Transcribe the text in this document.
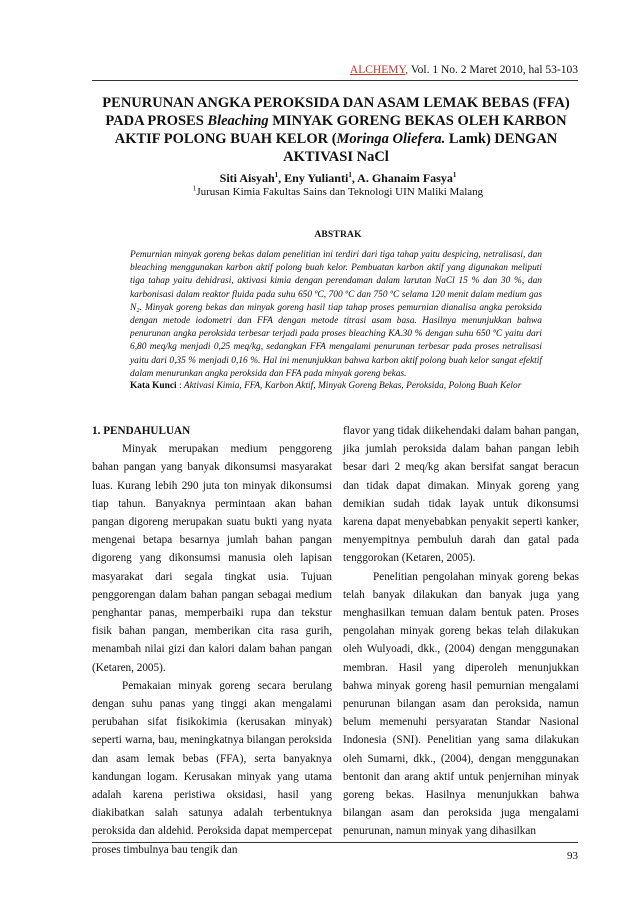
ALCHEMY, Vol. 1 No. 2 Maret 2010, hal 53-103
PENURUNAN ANGKA PEROKSIDA DAN ASAM LEMAK BEBAS (FFA) PADA PROSES Bleaching MINYAK GORENG BEKAS OLEH KARBON AKTIF POLONG BUAH KELOR (Moringa Oliefera. Lamk) DENGAN AKTIVASI NaCl
Siti Aisyah$^1$, Eny Yulianti$^1$, A. Ghanaim Fasya$^1$
$^1$Jurusan Kimia Fakultas Sains dan Teknologi UIN Maliki Malang
ABSTRAK

Pemurnian minyak goreng bekas dalam penelitian ini terdiri dari tiga tahap yaitu despicing, netralisasi, dan bleaching menggunakan karbon aktif polong buah kelor. Pembuatan karbon aktif yang digunakan meliputi tiga tahap yaitu dehidrasi, aktivasi kimia dengan perendaman dalam larutan NaCl 15 % dan 30 %, dan karbonisasi dalam reaktor fluida pada suhu 650 ºC, 700 ºC dan 750 ºC selama 120 menit dalam medium gas N₂. Minyak goreng bekas dan minyak goreng hasil tiap tahap proses pemurnian dianalisa angka peroksida dengan metode iodometri dan FFA dengan metode titrasi asam basa. Hasilnya menunjukkan bahwa penurunan angka peroksida terbesar terjadi pada proses bleaching KA.30 % dengan suhu 650 ºC yaitu dari 6,80 meq/kg menjadi 0,25 meq/kg, sedangkan FFA mengalami penurunan terbesar pada proses netralisasi yaitu dari 0,35 % menjadi 0,16 %. Hal ini menunjukkan bahwa karbon aktif polong buah kelor sangat efektif dalam menurunkan angka peroksida dan FFA pada minyak goreng bekas.

Kata Kunci : Aktivasi Kimia, FFA, Karbon Aktif, Minyak Goreng Bekas, Peroksida, Polong Buah Kelor

1. PENDAHULUAN

Minyak merupakan medium penggoreng bahan pangan yang banyak dikonsumsi masyarakat luas. Kurang lebih 290 juta ton minyak dikonsumsi tiap tahun. Banyaknya permintaan akan bahan pangan digoreng merupakan suatu bukti yang nyata mengenai betapa besarnya jumlah bahan pangan digoreng yang dikonsumsi manusia oleh lapisan masyarakat dari segala tingkat usia. Tujuan penggorengan dalam bahan pangan sebagai medium penghantar panas, memperbaiki rupa dan tekstur fisik bahan pangan, memberikan cita rasa gurih, menambah nilai gizi dan kalori dalam bahan pangan (Ketaren, 2005).

Pemakaian minyak goreng secara berulang dengan suhu panas yang tinggi akan mengalami perubahan sifat fisikokimia (kerusakan minyak) seperti warna, bau, meningkatnya bilangan peroksida dan asam lemak bebas (FFA), serta banyaknya kandungan logam. Kerusakan minyak yang utama adalah karena peristiwa oksidasi, hasil yang diakibatkan salah satunya adalah terbentuknya peroksida dan aldehid. Peroksida dapat mempercepat proses timbulnya bau tengik dan

flavor yang tidak diikehendaki dalam bahan pangan, jika jumlah peroksida dalam bahan pangan lebih besar dari 2 meq/kg akan bersifat sangat beracun dan tidak dapat dimakan. Minyak goreng yang demikian sudah tidak layak untuk dikonsumsi karena dapat menyebabkan penyakit seperti kanker, menyempitnya pembuluh darah dan gatal pada tenggorokan (Ketaren, 2005).

Penelitian pengolahan minyak goreng bekas telah banyak dilakukan dan banyak juga yang menghasilkan temuan dalam bentuk paten. Proses pengolahan minyak goreng bekas telah dilakukan oleh Wulyoadi, dkk., (2004) dengan menggunakan membran. Hasil yang diperoleh menunjukkan bahwa minyak goreng hasil pemurnian mengalami penurunan bilangan asam dan peroksida, namun belum memenuhi persyaratan Standar Nasional Indonesia (SNI). Penelitian yang sama dilakukan oleh Sumarni, dkk., (2004), dengan menggunakan bentonit dan arang aktif untuk penjernihan minyak goreng bekas. Hasilnya menunjukkan bahwa bilangan asam dan peroksida juga mengalami penurunan, namun minyak yang dihasilkan

93
